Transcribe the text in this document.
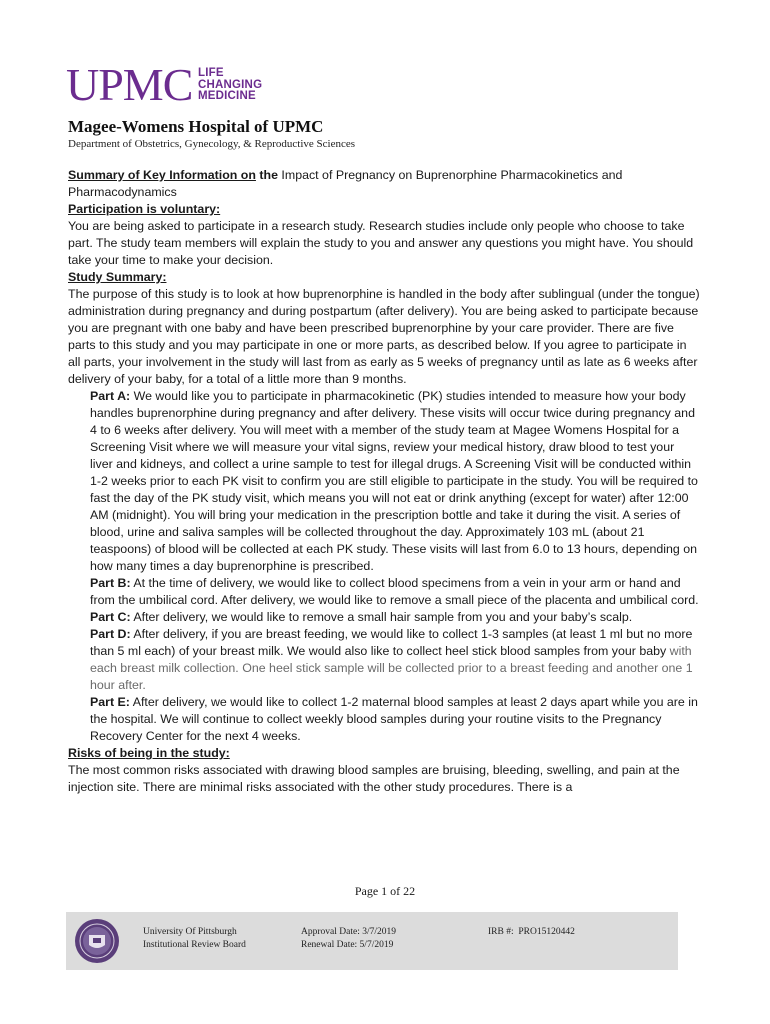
UPMC LIFE
CHANGING
MEDICINE
Magee-Womens Hospital of UPMC
Department of Obstetrics, Gynecology, & Reproductive Sciences

Summary of Key Information on the Impact of Pregnancy on Buprenorphine Pharmacokinetics and Pharmacodynamics

Participation is voluntary:

You are being asked to participate in a research study. Research studies include only people who choose to take part. The study team members will explain the study to you and answer any questions you might have. You should take your time to make your decision.

Study Summary:

The purpose of this study is to look at how buprenorphine is handled in the body after sublingual (under the tongue) administration during pregnancy and during postpartum (after delivery). You are being asked to participate because you are pregnant with one baby and have been prescribed buprenorphine by your care provider. There are five parts to this study and you may participate in one or more parts, as described below. If you agree to participate in all parts, your involvement in the study will last from as early as 5 weeks of pregnancy until as late as 6 weeks after delivery of your baby, for a total of a little more than 9 months.

Part A: We would like you to participate in pharmacokinetic (PK) studies intended to measure how your body handles buprenorphine during pregnancy and after delivery. These visits will occur twice during pregnancy and 4 to 6 weeks after delivery. You will meet with a member of the study team at Magee Womens Hospital for a Screening Visit where we will measure your vital signs, review your medical history, draw blood to test your liver and kidneys, and collect a urine sample to test for illegal drugs. A Screening Visit will be conducted within 1-2 weeks prior to each PK visit to confirm you are still eligible to participate in the study. You will be required to fast the day of the PK study visit, which means you will not eat or drink anything (except for water) after 12:00 AM (midnight). You will bring your medication in the prescription bottle and take it during the visit. A series of blood, urine and saliva samples will be collected throughout the day. Approximately 103 mL (about 21 teaspoons) of blood will be collected at each PK study. These visits will last from 6.0 to 13 hours, depending on how many times a day buprenorphine is prescribed.

Part B: At the time of delivery, we would like to collect blood specimens from a vein in your arm or hand and from the umbilical cord. After delivery, we would like to remove a small piece of the placenta and umbilical cord.

Part C: After delivery, we would like to remove a small hair sample from you and your baby’s scalp.

Part D: After delivery, if you are breast feeding, we would like to collect 1-3 samples (at least 1 ml but no more than 5 ml each) of your breast milk. We would also like to collect heel stick blood samples from your baby with each breast milk collection. One heel stick sample will be collected prior to a breast feeding and another one 1 hour after.

Part E: After delivery, we would like to collect 1-2 maternal blood samples at least 2 days apart while you are in the hospital. We will continue to collect weekly blood samples during your routine visits to the Pregnancy Recovery Center for the next 4 weeks.

Risks of being in the study:

The most common risks associated with drawing blood samples are bruising, bleeding, swelling, and pain at the injection site. There are minimal risks associated with the other study procedures. There is a

Page 1 of 22
University Of Pittsburgh
Institutional Review Board
Approval Date: 3/7/2019
Renewal Date: 5/7/2019
IRB #: PRO15120442
